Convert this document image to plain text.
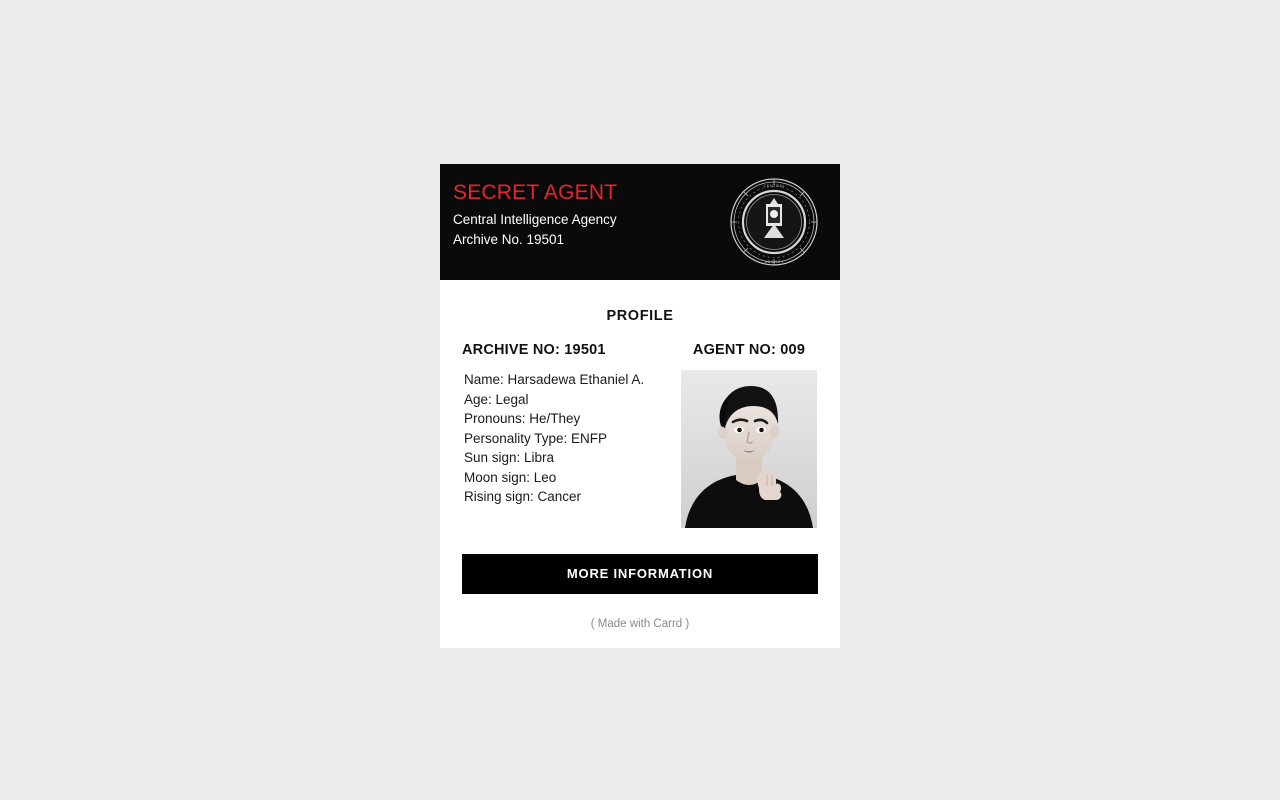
SECRET AGENT
Central Intelligence Agency
Archive No. 19501
C E N T R A L
A G E N C Y
PROFILE
ARCHIVE NO: 19501
Name: Harsadewa Ethaniel A.
Age: Legal
Pronouns: He/They
Personality Type: ENFP
Sun sign: Libra
Moon sign: Leo
Rising sign: Cancer
AGENT NO: 009
MORE INFORMATION
( Made with Carrd )
